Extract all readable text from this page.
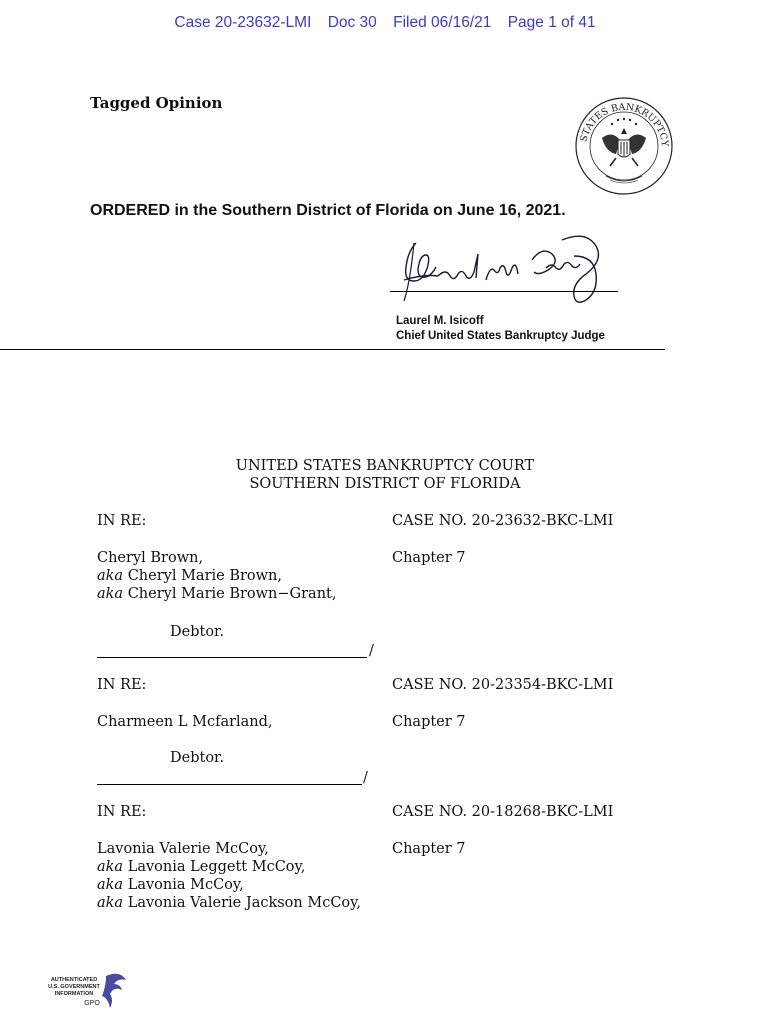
Case 20-23632-LMI Doc 30 Filed 06/16/21 Page 1 of 41
Tagged Opinion
STATES BANKRUPTCY
ORDERED in the Southern District of Florida on June 16, 2021.
Laurel M. Isicoff
Chief United States Bankruptcy Judge
UNITED STATES BANKRUPTCY COURT
SOUTHERN DISTRICT OF FLORIDA
IN RE:	CASE NO. 20-23632-BKC-LMI
Cheryl Brown,	Chapter 7
aka Cheryl Marie Brown,
aka Cheryl Marie Brown−Grant,
Debtor.
/
IN RE:	CASE NO. 20-23354-BKC-LMI
Charmeen L Mcfarland,	Chapter 7
Debtor.
/
IN RE:	CASE NO. 20-18268-BKC-LMI
Lavonia Valerie McCoy,	Chapter 7
aka Lavonia Leggett McCoy,
aka Lavonia McCoy,
aka Lavonia Valerie Jackson McCoy,
AUTHENTICATED
U.S. GOVERNMENT
INFORMATION
GPO
